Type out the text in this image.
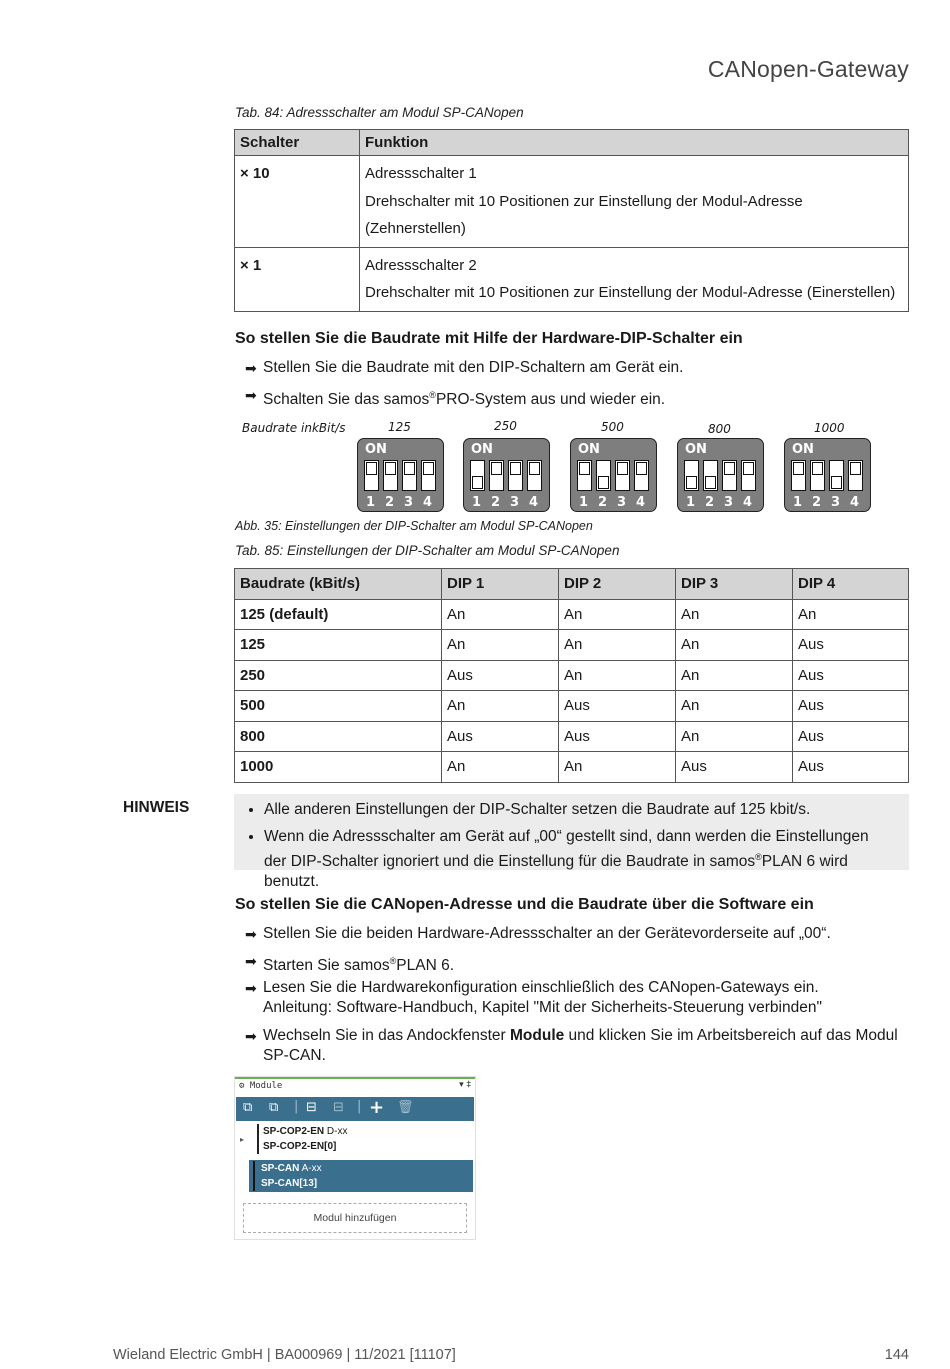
CANopen-Gateway
Tab. 84: Adressschalter am Modul SP-CANopen
Schalter	Funktion

× 10	Adressschalter 1
Drehschalter mit 10 Positionen zur Einstellung der Modul-Adresse
(Zehnerstellen)

× 1	Adressschalter 2
Drehschalter mit 10 Positionen zur Einstellung der Modul-Adresse (Einerstellen)
So stellen Sie die Baudrate mit Hilfe der Hardware-DIP-Schalter ein
➡ Stellen Sie die Baudrate mit den DIP-Schaltern am Gerät ein.
➡ Schalten Sie das samos®PRO-System aus und wieder ein.
Baudrate inkBit/s	125
ON
1 2 3 4
250
ON
1 2 3 4
500
ON
1 2 3 4
800
ON
1 2 3 4
1000
ON
1 2 3 4
Abb. 35: Einstellungen der DIP-Schalter am Modul SP-CANopen
Tab. 85: Einstellungen der DIP-Schalter am Modul SP-CANopen
Baudrate (kBit/s)	DIP 1	DIP 2	DIP 3	DIP 4
125 (default)	An	An	An	An
125	An	An	An	Aus
250	Aus	An	An	Aus
500	An	Aus	An	Aus
800	Aus	Aus	An	Aus
1000	An	An	Aus	Aus
HINWEIS	• Alle anderen Einstellungen der DIP-Schalter setzen die Baudrate auf 125 kbit/s.
• Wenn die Adressschalter am Gerät auf „00“ gestellt sind, dann werden die Einstellungen der DIP-Schalter ignoriert und die Einstellung für die Baudrate in samos®PLAN 6 wird benutzt.
So stellen Sie die CANopen-Adresse und die Baudrate über die Software ein
➡ Stellen Sie die beiden Hardware-Adressschalter an der Gerätevorderseite auf „00“.
➡ Starten Sie samos®PLAN 6.
➡ Lesen Sie die Hardwarekonfiguration einschließlich des CANopen-Gateways ein.
Anleitung: Software-Handbuch, Kapitel "Mit der Sicherheits-Steuerung verbinden"
➡ Wechseln Sie in das Andockfenster Module und klicken Sie im Arbeitsbereich auf das Modul SP-CAN.
⚙ Module	▾ ‡
⧉ ⧉ | ⊟ ⊟ | + 🗑
▸
SP-COP2-EN D-xx
SP-COP2-EN[0]
SP-CAN A-xx
SP-CAN[13]
Modul hinzufügen
Wieland Electric GmbH | BA000969 | 11/2021 [11107]	144
